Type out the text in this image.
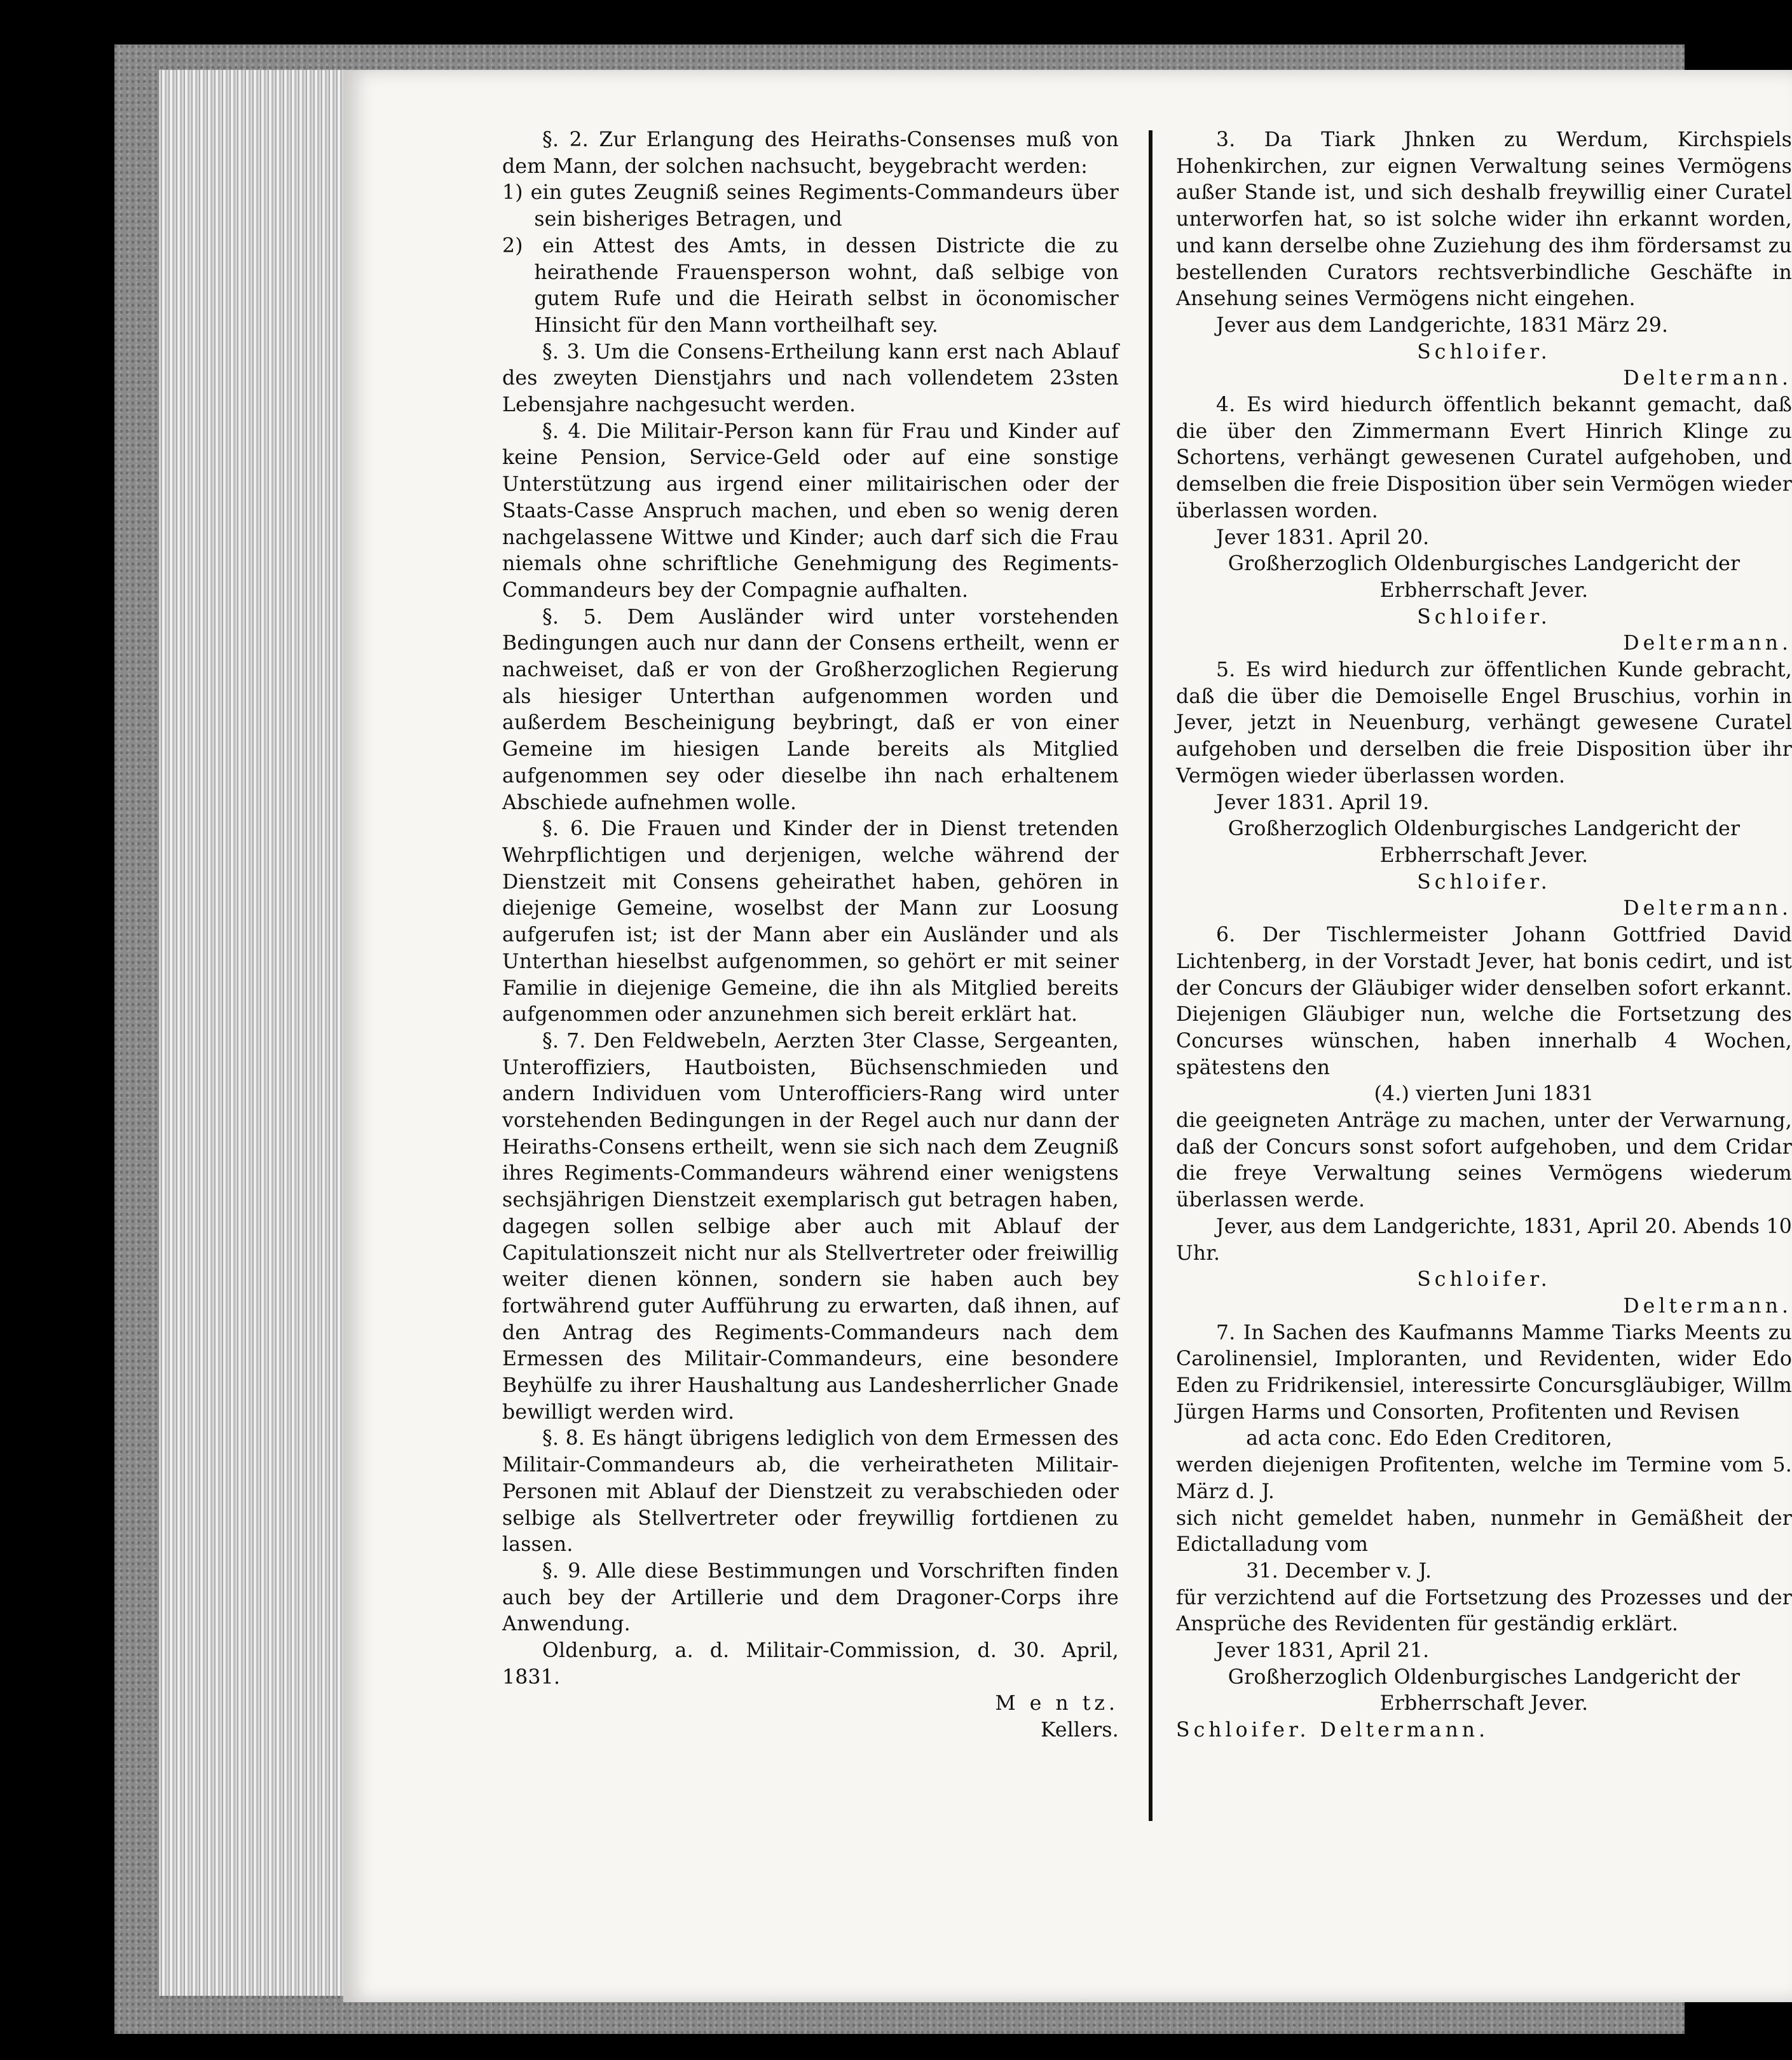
§. 2. Zur Erlangung des Heiraths-Consenses muß von dem Mann, der solchen nachsucht, beygebracht werden:

1) ein gutes Zeugniß seines Regiments-Commandeurs über sein bisheriges Betragen, und

2) ein Attest des Amts, in dessen Districte die zu heirathende Frauensperson wohnt, daß selbige von gutem Rufe und die Heirath selbst in öconomischer Hinsicht für den Mann vortheilhaft sey.

§. 3. Um die Consens-Ertheilung kann erst nach Ablauf des zweyten Dienstjahrs und nach vollendetem 23sten Lebensjahre nachgesucht werden.

§. 4. Die Militair-Person kann für Frau und Kinder auf keine Pension, Service-Geld oder auf eine sonstige Unterstützung aus irgend einer militairischen oder der Staats-Casse Anspruch machen, und eben so wenig deren nachgelassene Wittwe und Kinder; auch darf sich die Frau niemals ohne schriftliche Genehmigung des Regiments-Commandeurs bey der Compagnie aufhalten.

§. 5. Dem Ausländer wird unter vorstehenden Bedingungen auch nur dann der Consens ertheilt, wenn er nachweiset, daß er von der Großherzoglichen Regierung als hiesiger Unterthan aufgenommen worden und außerdem Bescheinigung beybringt, daß er von einer Gemeine im hiesigen Lande bereits als Mitglied aufgenommen sey oder dieselbe ihn nach erhaltenem Abschiede aufnehmen wolle.

§. 6. Die Frauen und Kinder der in Dienst tretenden Wehrpflichtigen und derjenigen, welche während der Dienstzeit mit Consens geheirathet haben, gehören in diejenige Gemeine, woselbst der Mann zur Loosung aufgerufen ist; ist der Mann aber ein Ausländer und als Unterthan hieselbst aufgenommen, so gehört er mit seiner Familie in diejenige Gemeine, die ihn als Mitglied bereits aufgenommen oder anzunehmen sich bereit erklärt hat.

§. 7. Den Feldwebeln, Aerzten 3ter Classe, Sergeanten, Unteroffiziers, Hautboisten, Büchsenschmieden und andern Individuen vom Unterofficiers-Rang wird unter vorstehenden Bedingungen in der Regel auch nur dann der Heiraths-Consens ertheilt, wenn sie sich nach dem Zeugniß ihres Regiments-Commandeurs während einer wenigstens sechsjährigen Dienstzeit exemplarisch gut betragen haben, dagegen sollen selbige aber auch mit Ablauf der Capitulationszeit nicht nur als Stellvertreter oder freiwillig weiter dienen können, sondern sie haben auch bey fortwährend guter Aufführung zu erwarten, daß ihnen, auf den Antrag des Regiments-Commandeurs nach dem Ermessen des Militair-Commandeurs, eine besondere Beyhülfe zu ihrer Haushaltung aus Landesherrlicher Gnade bewilligt werden wird.

§. 8. Es hängt übrigens lediglich von dem Ermessen des Militair-Commandeurs ab, die verheiratheten Militair-Personen mit Ablauf der Dienstzeit zu verabschieden oder selbige als Stellvertreter oder freywillig fortdienen zu lassen.

§. 9. Alle diese Bestimmungen und Vorschriften finden auch bey der Artillerie und dem Dragoner-Corps ihre Anwendung.

Oldenburg, a. d. Militair-Commission, d. 30. April, 1831.

M e n tz.

Kellers.

3. Da Tiark Jhnken zu Werdum, Kirchspiels Hohenkirchen, zur eignen Verwaltung seines Vermögens außer Stande ist, und sich deshalb freywillig einer Curatel unterworfen hat, so ist solche wider ihn erkannt worden, und kann derselbe ohne Zuziehung des ihm fördersamst zu bestellenden Curators rechtsverbindliche Geschäfte in Ansehung seines Vermögens nicht eingehen.

Jever aus dem Landgerichte, 1831 März 29.

Schloifer.

Deltermann.

4. Es wird hiedurch öffentlich bekannt gemacht, daß die über den Zimmermann Evert Hinrich Klinge zu Schortens, verhängt gewesenen Curatel aufgehoben, und demselben die freie Disposition über sein Vermögen wieder überlassen worden.

Jever 1831. April 20.

Großherzoglich Oldenburgisches Landgericht der Erbherrschaft Jever.

Schloifer.

Deltermann.

5. Es wird hiedurch zur öffentlichen Kunde gebracht, daß die über die Demoiselle Engel Bruschius, vorhin in Jever, jetzt in Neuenburg, verhängt gewesene Curatel aufgehoben und derselben die freie Disposition über ihr Vermögen wieder überlassen worden.

Jever 1831. April 19.

Großherzoglich Oldenburgisches Landgericht der Erbherrschaft Jever.

Schloifer.

Deltermann.

6. Der Tischlermeister Johann Gottfried David Lichtenberg, in der Vorstadt Jever, hat bonis cedirt, und ist der Concurs der Gläubiger wider denselben sofort erkannt. Diejenigen Gläubiger nun, welche die Fortsetzung des Concurses wünschen, haben innerhalb 4 Wochen, spätestens den

(4.) vierten Juni 1831

die geeigneten Anträge zu machen, unter der Verwarnung, daß der Concurs sonst sofort aufgehoben, und dem Cridar die freye Verwaltung seines Vermögens wiederum überlassen werde.

Jever, aus dem Landgerichte, 1831, April 20. Abends 10 Uhr.

Schloifer.

Deltermann.

7. In Sachen des Kaufmanns Mamme Tiarks Meents zu Carolinensiel, Imploranten, und Revidenten, wider Edo Eden zu Fridrikensiel, interessirte Concursgläubiger, Willm Jürgen Harms und Consorten, Profitenten und Revisen

ad acta conc. Edo Eden Creditoren,

werden diejenigen Profitenten, welche im Termine vom 5. März d. J.

sich nicht gemeldet haben, nunmehr in Gemäßheit der Edictalladung vom

31. December v. J.

für verzichtend auf die Fortsetzung des Prozesses und der Ansprüche des Revidenten für geständig erklärt.

Jever 1831, April 21.

Großherzoglich Oldenburgisches Landgericht der Erbherrschaft Jever.

Schloifer. Deltermann.
